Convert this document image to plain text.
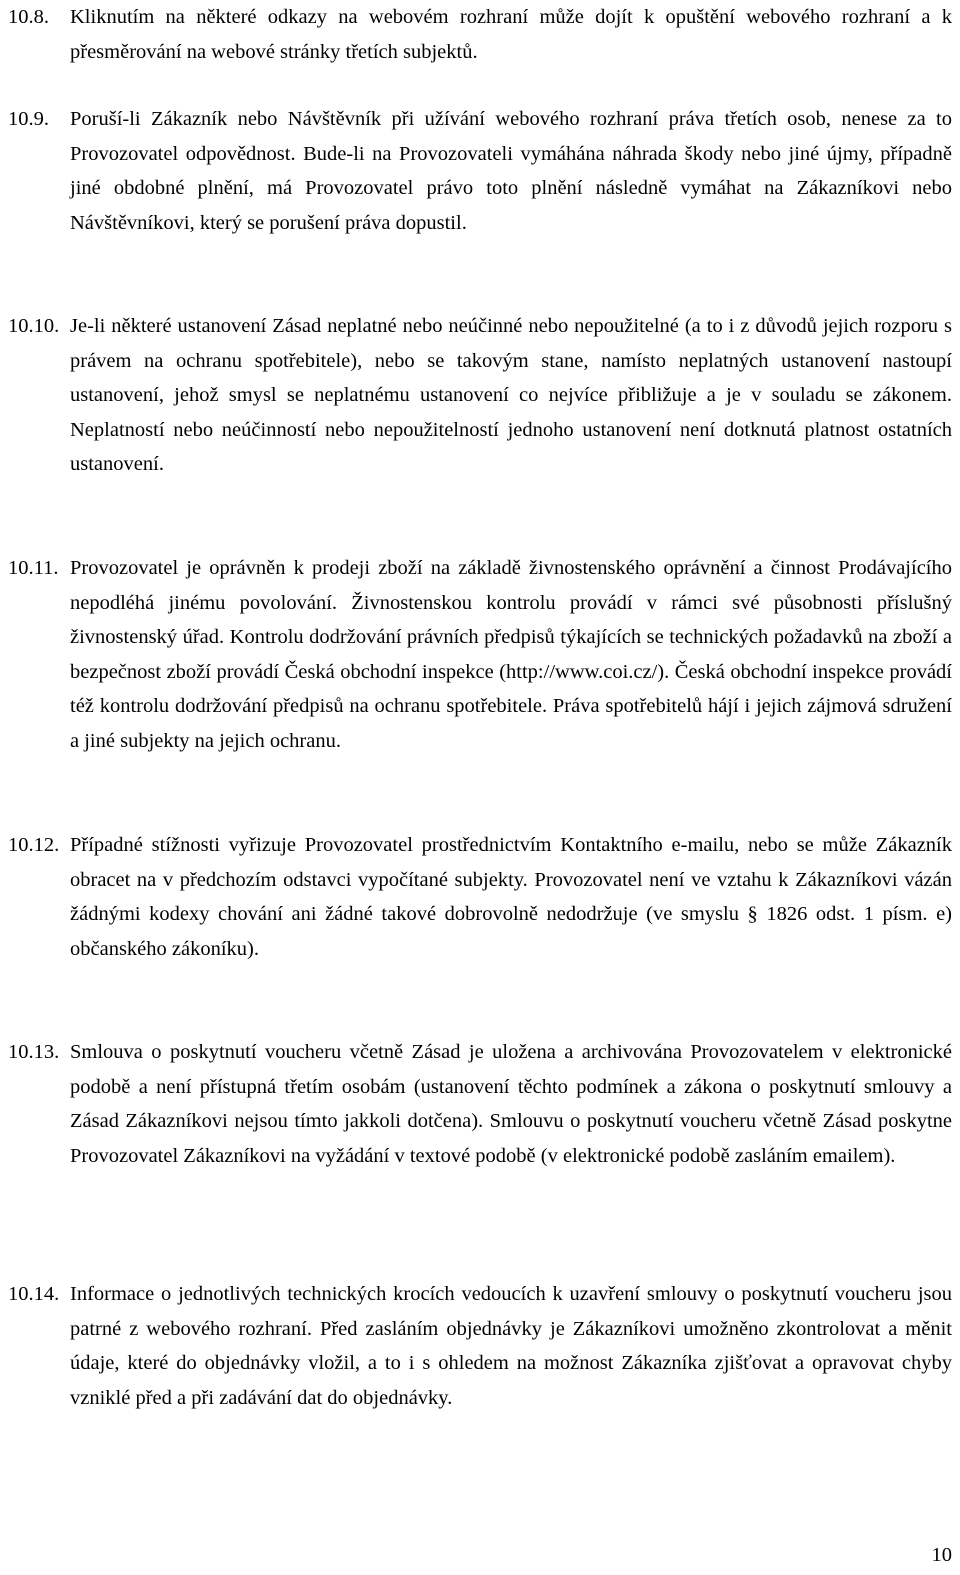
10.8. Kliknutím na některé odkazy na webovém rozhraní může dojít k opuštění webového rozhraní a k přesměrování na webové stránky třetích subjektů.
10.9. Poruší-li Zákazník nebo Návštěvník při užívání webového rozhraní práva třetích osob, nenese za to Provozovatel odpovědnost. Bude-li na Provozovateli vymáhána náhrada škody nebo jiné újmy, případně jiné obdobné plnění, má Provozovatel právo toto plnění následně vymáhat na Zákazníkovi nebo Návštěvníkovi, který se porušení práva dopustil.
10.10. Je-li některé ustanovení Zásad neplatné nebo neúčinné nebo nepoužitelné (a to i z důvodů jejich rozporu s právem na ochranu spotřebitele), nebo se takovým stane, namísto neplatných ustanovení nastoupí ustanovení, jehož smysl se neplatnému ustanovení co nejvíce přibližuje a je v souladu se zákonem. Neplatností nebo neúčinností nebo nepoužitelností jednoho ustanovení není dotknutá platnost ostatních ustanovení.
10.11. Provozovatel je oprávněn k prodeji zboží na základě živnostenského oprávnění a činnost Prodávajícího nepodléhá jinému povolování. Živnostenskou kontrolu provádí v rámci své působnosti příslušný živnostenský úřad. Kontrolu dodržování právních předpisů týkajících se technických požadavků na zboží a bezpečnost zboží provádí Česká obchodní inspekce (http://www.coi.cz/). Česká obchodní inspekce provádí též kontrolu dodržování předpisů na ochranu spotřebitele. Práva spotřebitelů hájí i jejich zájmová sdružení a jiné subjekty na jejich ochranu.
10.12. Případné stížnosti vyřizuje Provozovatel prostřednictvím Kontaktního e-mailu, nebo se může Zákazník obracet na v předchozím odstavci vypočítané subjekty. Provozovatel není ve vztahu k Zákazníkovi vázán žádnými kodexy chování ani žádné takové dobrovolně nedodržuje (ve smyslu § 1826 odst. 1 písm. e) občanského zákoníku).
10.13. Smlouva o poskytnutí voucheru včetně Zásad je uložena a archivována Provozovatelem v elektronické podobě a není přístupná třetím osobám (ustanovení těchto podmínek a zákona o poskytnutí smlouvy a Zásad Zákazníkovi nejsou tímto jakkoli dotčena). Smlouvu o poskytnutí voucheru včetně Zásad poskytne Provozovatel Zákazníkovi na vyžádání v textové podobě (v elektronické podobě zasláním emailem).
10.14. Informace o jednotlivých technických krocích vedoucích k uzavření smlouvy o poskytnutí voucheru jsou patrné z webového rozhraní. Před zasláním objednávky je Zákazníkovi umožněno zkontrolovat a měnit údaje, které do objednávky vložil, a to i s ohledem na možnost Zákazníka zjišťovat a opravovat chyby vzniklé před a při zadávání dat do objednávky.
10
